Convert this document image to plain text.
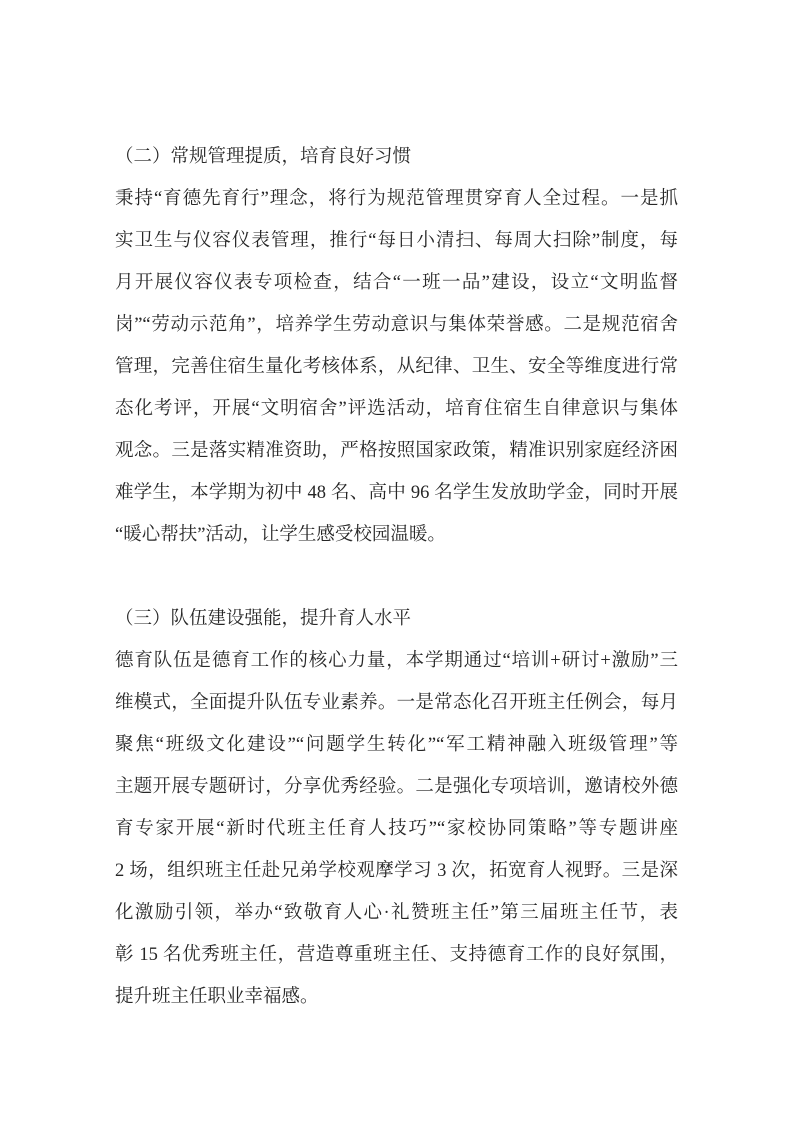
（二）常规管理提质，培育良好习惯
秉持“育德先育行”理念，将行为规范管理贯穿育人全过程。一是抓
实卫生与仪容仪表管理，推行“每日小清扫、每周大扫除”制度，每
月开展仪容仪表专项检查，结合“一班一品”建设，设立“文明监督
岗”“劳动示范角”，培养学生劳动意识与集体荣誉感。二是规范宿舍
管理，完善住宿生量化考核体系，从纪律、卫生、安全等维度进行常
态化考评，开展“文明宿舍”评选活动，培育住宿生自律意识与集体
观念。三是落实精准资助，严格按照国家政策，精准识别家庭经济困
难学生，本学期为初中 48 名、高中 96 名学生发放助学金，同时开展
“暖心帮扶”活动，让学生感受校园温暖。
（三）队伍建设强能，提升育人水平
德育队伍是德育工作的核心力量，本学期通过“培训+研讨+激励”三
维模式，全面提升队伍专业素养。一是常态化召开班主任例会，每月
聚焦“班级文化建设”“问题学生转化”“军工精神融入班级管理”等
主题开展专题研讨，分享优秀经验。二是强化专项培训，邀请校外德
育专家开展“新时代班主任育人技巧”“家校协同策略”等专题讲座
2 场，组织班主任赴兄弟学校观摩学习 3 次，拓宽育人视野。三是深
化激励引领，举办“致敬育人心·礼赞班主任”第三届班主任节，表
彰 15 名优秀班主任，营造尊重班主任、支持德育工作的良好氛围，
提升班主任职业幸福感。
